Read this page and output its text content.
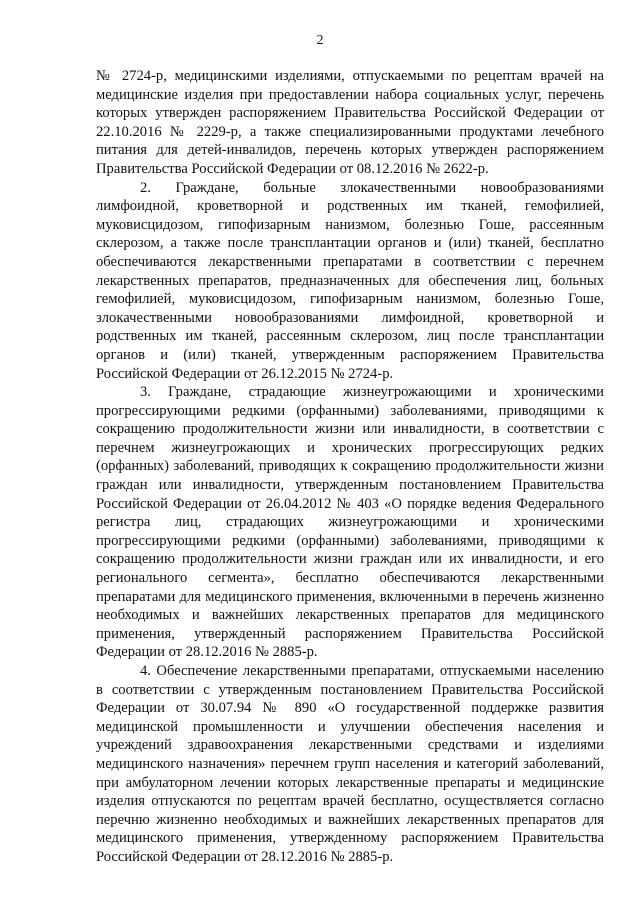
2

№ 2724-р, медицинскими изделиями, отпускаемыми по рецептам врачей на медицинские изделия при предоставлении набора социальных услуг, перечень которых утвержден распоряжением Правительства Российской Федерации от 22.10.2016 № 2229-р, а также специализированными продуктами лечебного питания для детей-инвалидов, перечень которых утвержден распоряжением Правительства Российской Федерации от 08.12.2016 № 2622-р.

2. Граждане, больные злокачественными новообразованиями лимфоидной, кроветворной и родственных им тканей, гемофилией, муковисцидозом, гипофизарным нанизмом, болезнью Гоше, рассеянным склерозом, а также после трансплантации органов и (или) тканей, бесплатно обеспечиваются лекарственными препаратами в соответствии с перечнем лекарственных препаратов, предназначенных для обеспечения лиц, больных гемофилией, муковисцидозом, гипофизарным нанизмом, болезнью Гоше, злокачественными новообразованиями лимфоидной, кроветворной и родственных им тканей, рассеянным склерозом, лиц после трансплантации органов и (или) тканей, утвержденным распоряжением Правительства Российской Федерации от 26.12.2015 № 2724-р.

3. Граждане, страдающие жизнеугрожающими и хроническими прогрессирующими редкими (орфанными) заболеваниями, приводящими к сокращению продолжительности жизни или инвалидности, в соответствии с перечнем жизнеугрожающих и хронических прогрессирующих редких (орфанных) заболеваний, приводящих к сокращению продолжительности жизни граждан или инвалидности, утвержденным постановлением Правительства Российской Федерации от 26.04.2012 № 403 «О порядке ведения Федерального регистра лиц, страдающих жизнеугрожающими и хроническими прогрессирующими редкими (орфанными) заболеваниями, приводящими к сокращению продолжительности жизни граждан или их инвалидности, и его регионального сегмента», бесплатно обеспечиваются лекарственными препаратами для медицинского применения, включенными в перечень жизненно необходимых и важнейших лекарственных препаратов для медицинского применения, утвержденный распоряжением Правительства Российской Федерации от 28.12.2016 № 2885-р.

4. Обеспечение лекарственными препаратами, отпускаемыми населению в соответствии с утвержденным постановлением Правительства Российской Федерации от 30.07.94 № 890 «О государственной поддержке развития медицинской промышленности и улучшении обеспечения населения и учреждений здравоохранения лекарственными средствами и изделиями медицинского назначения» перечнем групп населения и категорий заболеваний, при амбулаторном лечении которых лекарственные препараты и медицинские изделия отпускаются по рецептам врачей бесплатно, осуществляется согласно перечню жизненно необходимых и важнейших лекарственных препаратов для медицинского применения, утвержденному распоряжением Правительства Российской Федерации от 28.12.2016 № 2885-р.
